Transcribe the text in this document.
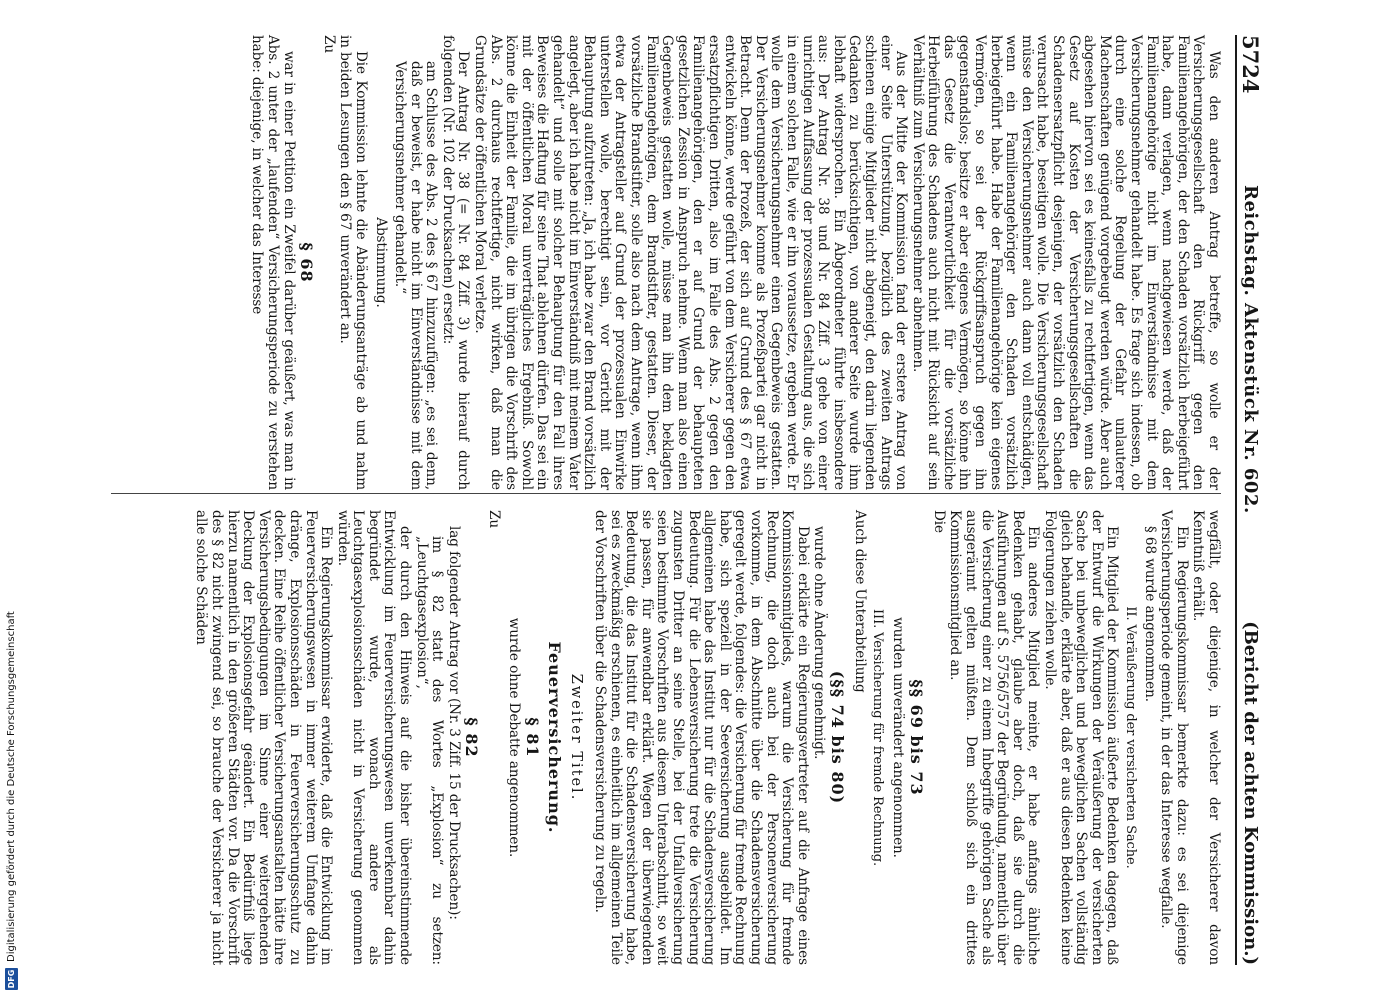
5724
Reichstag. Aktenstück Nr. 602.
(Bericht der achten Kommission.)

Was den anderen Antrag betreffe, so wolle er der Versicherungsgesellschaft den Rückgriff gegen den Familienangehörigen, der den Schaden vorsätzlich herbeigeführt habe, dann verlagen, wenn nachgewiesen werde, daß der Familienangehörige nicht im Einverständnisse mit dem Versicherungsnehmer gehandelt habe. Es frage sich indessen, ob durch eine solche Regelung der Gefahr unlauterer Machenschaften genügend vorgebeugt werden würde. Aber auch abgesehen hiervon sei es keinesfalls zu rechtfertigen, wenn das Gesetz auf Kosten der Versicherungsgesellschaften die Schadensersatzpflicht desjenigen, der vorsätzlich den Schaden verursacht habe, beseitigen wolle. Die Versicherungsgesellschaft müsse den Versicherungsnehmer auch dann voll entschädigen, wenn ein Familienangehöriger den Schaden vorsätzlich herbeigeführt habe. Habe der Familienangehörige kein eigenes Vermögen, so sei der Rückgriffsanspruch gegen ihn gegenstandslos; besitze er aber eigenes Vermögen, so könne ihn das Gesetz die Verantwortlichkeit für die vorsätzliche Herbeiführung des Schadens auch nicht mit Rücksicht auf sein Verhältniß zum Versicherungsnehmer abnehmen.

Aus der Mitte der Kommission fand der erstere Antrag von einer Seite Unterstützung, bezüglich des zweiten Antrags schienen einige Mitglieder nicht abgeneigt, den darin liegenden Gedanken zu berücksichtigen, von anderer Seite wurde ihm lebhaft widersprochen. Ein Abgeordneter führte insbesondere aus: Der Antrag Nr. 38 und Nr. 84 Ziff. 3 gehe von einer unrichtigen Auffassung der prozessualen Gestaltung aus, die sich in einem solchen Falle, wie er ihn voraussetze, ergeben werde. Er wolle dem Versicherungsnehmer einen Gegenbeweis gestatten. Der Versicherungsnehmer komme als Prozeßpartei gar nicht in Betracht. Denn der Prozeß, der sich auf Grund des § 67 etwa entwickeln könne, werde geführt von dem Versicherer gegen den ersatzpflichtigen Dritten, also im Falle des Abs. 2 gegen den Familienangehörigen, den er auf Grund der behaupteten gesetzlichen Zession in Anspruch nehme. Wenn man also einen Gegenbeweis gestatten wolle, müsse man ihn dem beklagten Familienangehörigen, dem Brandstifter, gestatten. Dieser, der vorsätzliche Brandstifter, solle also nach dem Antrage, wenn ihm etwa der Antragsteller auf Grund der prozessualen Einwirke unterstellen wolle, berechtigt sein, vor Gericht mit der Behauptung aufzutreten: „Ja, ich habe zwar den Brand vorsätzlich angelegt, aber ich habe nicht im Einverständniß mit meinem Vater gehandelt“ und solle mit solcher Behauptung für den Fall ihres Beweises die Haftung für seine That ablehnen dürfen. Das sei ein mit der öffentlichen Moral unverträgliches Ergebniß. Sowohl könne die Einheit der Familie, die im übrigen die Vorschrift des Abs. 2 durchaus rechtfertige, nicht wirken, daß man die Grundsätze der öffentlichen Moral verletze.

Der Antrag Nr. 38 (= Nr. 84 Ziff. 3) wurde hierauf durch folgenden (Nr. 102 der Drucksachen) ersetzt:

am Schlusse des Abs. 2 des § 67 hinzuzufügen: „es sei denn, daß er beweist, er habe nicht im Einverständnisse mit dem Versicherungsnehmer gehandelt.“

Abstimmung.

Die Kommission lehnte die Abänderungsanträge ab und nahm in beiden Lesungen den § 67 unverändert an.

Zu

§ 68

war in einer Petition ein Zweifel darüber geäußert, was man in Abs. 2 unter der „laufenden“ Versicherungsperiode zu verstehen habe: diejenige, in welcher das Interesse

wegfällt, oder diejenige, in welcher der Versicherer davon Kenntniß erhält.

Ein Regierungskommissar bemerkte dazu: es sei diejenige Versicherungsperiode gemeint, in der das Interesse wegfalle.

§ 68 wurde angenommen.

II. Veräußerung der versicherten Sache.

Ein Mitglied der Kommission äußerte Bedenken dagegen, daß der Entwurf die Wirkungen der Veräußerung der versicherten Sache bei unbeweglichen und beweglichen Sachen vollständig gleich behandle, erklärte aber, daß er aus diesen Bedenken keine Folgerungen ziehen wolle.

Ein anderes Mitglied meinte, er habe anfangs ähnliche Bedenken gehabt, glaube aber doch, daß sie durch die Ausführungen auf S. 5756/5757 der Begründung, namentlich über die Versicherung einer zu einem Inbegriffe gehörigen Sache als ausgeräumt gelten müßten. Dem schloß sich ein drittes Kommissionsmitglied an.

Die

§§ 69 bis 73

wurden unverändert angenommen.

III. Versicherung für fremde Rechnung.

Auch diese Unterabteilung

(§§ 74 bis 80)

wurde ohne Änderung genehmigt.

Dabei erklärte ein Regierungsvertreter auf die Anfrage eines Kommissionsmitglieds, warum die Versicherung für fremde Rechnung, die doch auch bei der Personenversicherung vorkomme, in dem Abschnitte über die Schadensversicherung geregelt werde, folgendes: die Versicherung für fremde Rechnung habe, sich speziell in der Seeversicherung ausgebildet. Im allgemeinen habe das Institut nur für die Schadensversicherung Bedeutung. Für die Lebensversicherung trete die Versicherung zugunsten Dritter an seine Stelle, bei der Unfallversicherung seien bestimmte Vorschriften aus diesem Unterabschnitt, so weit sie passen, für anwendbar erklärt. Wegen der überwiegenden Bedeutung, die das Institut für die Schadensversicherung habe, sei es zweckmäßig erschienen, es einheitlich im allgemeinen Teile der Vorschriften über die Schadensversicherung zu regeln.

Zweiter Titel.

Feuerversicherung.

§ 81

wurde ohne Debatte angenommen.

Zu

§ 82

lag folgender Antrag vor (Nr. 3 Ziff. 15 der Drucksachen):

im § 82 statt des Wortes „Explosion“ zu setzen: „Leuchtgasexplosion“,

der durch den Hinweis auf die bisher übereinstimmende Entwicklung im Feuerversicherungswesen unverkennbar dahin begründet wurde, wonach andere als Leuchtgasexplosionsschäden nicht in Versicherung genommen würden.

Ein Regierungskommissar erwiderte, daß die Entwicklung im Feuerversicherungswesen in immer weiterem Umfange dahin dränge, Explosionsschäden in Feuerversicherungsschutz zu decken. Eine Reihe öffentlicher Versicherungsanstalten hätte ihre Versicherungsbedingungen im Sinne einer weitergehenden Deckung der Explosionsgefahr geändert. Ein Bedürfniß liege hierzu namentlich in den größeren Städten vor. Da die Vorschrift des § 82 nicht zwingend sei, so brauche der Versicherer ja nicht alle solche Schäden

DFG
Digitalisierung gefördert durch die Deutsche Forschungsgemeinschaft
